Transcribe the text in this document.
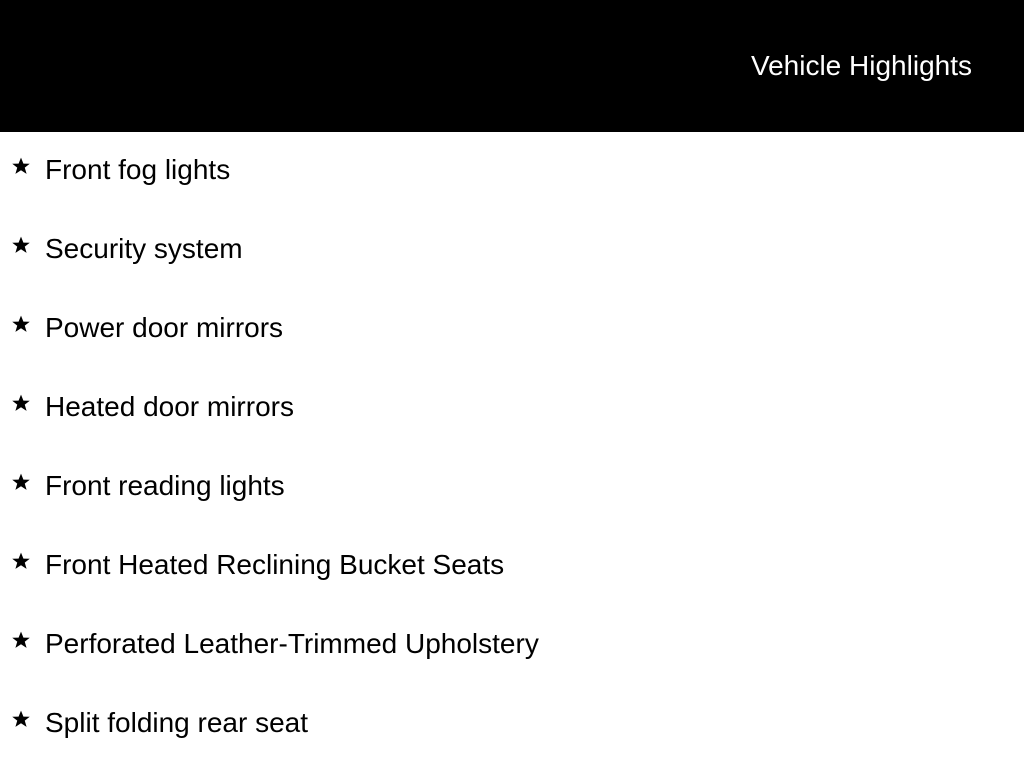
Vehicle Highlights
Front fog lights
Security system
Power door mirrors
Heated door mirrors
Front reading lights
Front Heated Reclining Bucket Seats
Perforated Leather-Trimmed Upholstery
Split folding rear seat
